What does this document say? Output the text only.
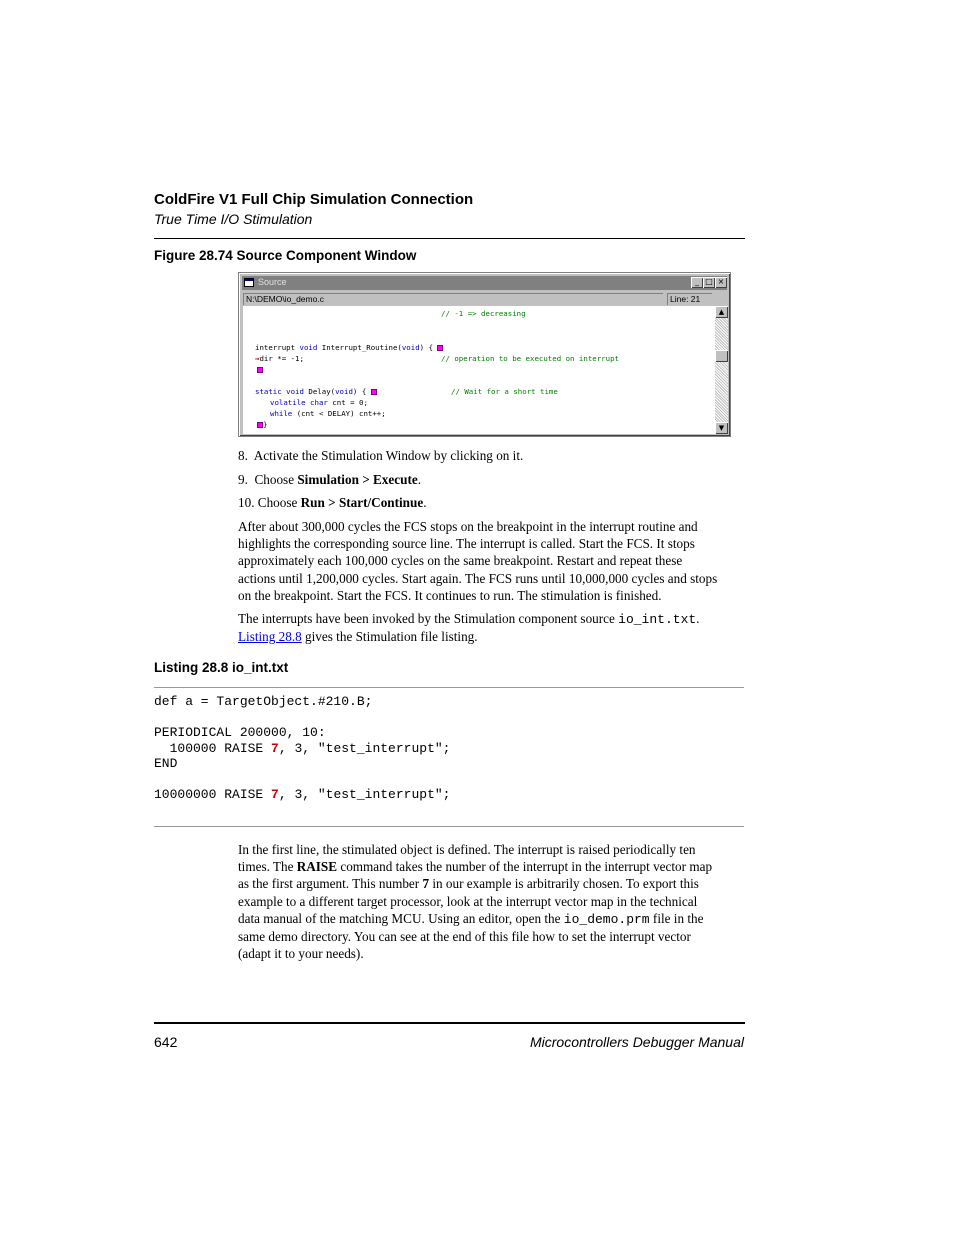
ColdFire V1 Full Chip Simulation Connection
True Time I/O Stimulation
Figure 28.74 Source Component Window
Source	_ □ ×
N:\DEMO\io_demo.c	Line: 21
// -1 => decreasing
interrupt void Interrupt_Routine(void) {
→dir *= -1;	// operation to be executed on interrupt
static void Delay(void) {	// Wait for a short time
volatile char cnt = 0;
while (cnt < DELAY) cnt++;
}
▲
▼
8. Activate the Stimulation Window by clicking on it.
9. Choose Simulation > Execute.
10. Choose Run > Start/Continue.
After about 300,000 cycles the FCS stops on the breakpoint in the interrupt routine and
highlights the corresponding source line. The interrupt is called. Start the FCS. It stops
approximately each 100,000 cycles on the same breakpoint. Restart and repeat these
actions until 1,200,000 cycles. Start again. The FCS runs until 10,000,000 cycles and stops
on the breakpoint. Start the FCS. It continues to run. The stimulation is finished.
The interrupts have been invoked by the Stimulation component source io_int.txt.
Listing 28.8 gives the Stimulation file listing.
Listing 28.8 io_int.txt
def a = TargetObject.#210.B;
PERIODICAL 200000, 10:
100000 RAISE 7, 3, "test_interrupt";
END
10000000 RAISE 7, 3, "test_interrupt";
In the first line, the stimulated object is defined. The interrupt is raised periodically ten
times. The RAISE command takes the number of the interrupt in the interrupt vector map
as the first argument. This number 7 in our example is arbitrarily chosen. To export this
example to a different target processor, look at the interrupt vector map in the technical
data manual of the matching MCU. Using an editor, open the io_demo.prm file in the
same demo directory. You can see at the end of this file how to set the interrupt vector
(adapt it to your needs).
642	Microcontrollers Debugger Manual
